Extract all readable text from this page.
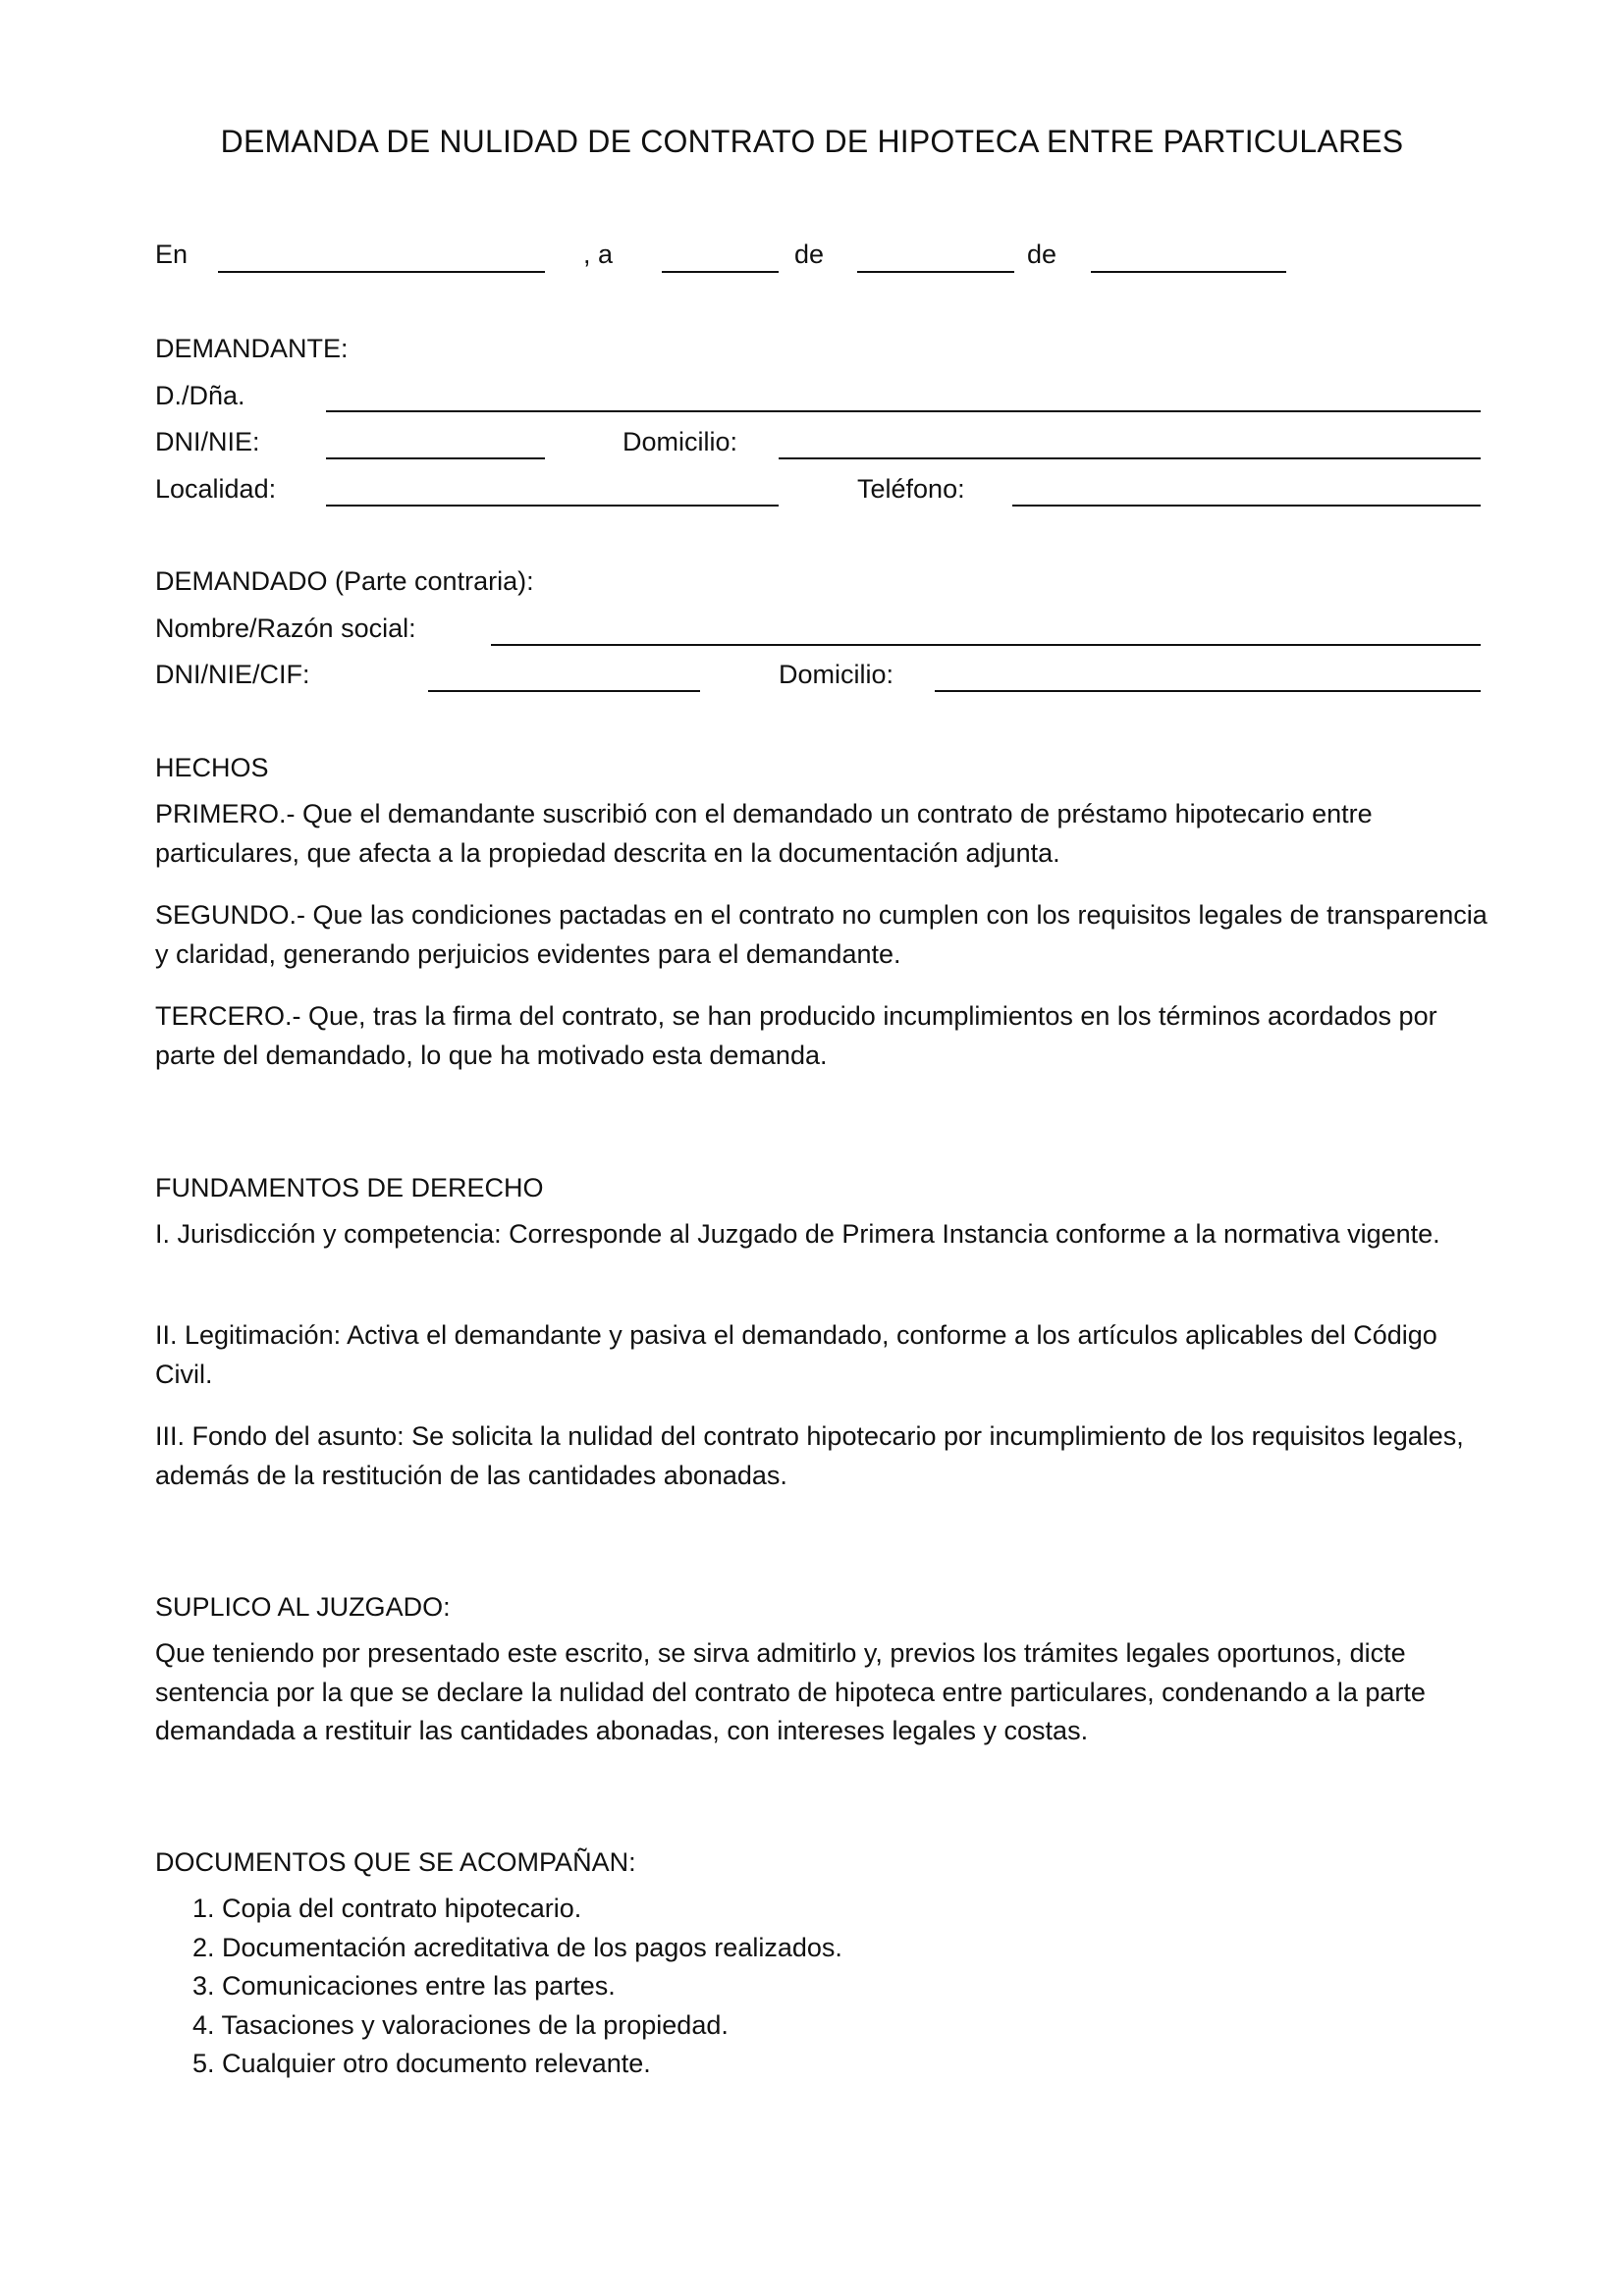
DEMANDA DE NULIDAD DE CONTRATO DE HIPOTECA ENTRE PARTICULARES
En	, a	de	de
DEMANDANTE:
D./Dña.
DNI/NIE:	Domicilio:
Localidad:	Teléfono:
DEMANDADO (Parte contraria):
Nombre/Razón social:
DNI/NIE/CIF:	Domicilio:
HECHOS

PRIMERO.- Que el demandante suscribió con el demandado un contrato de préstamo hipotecario entre particulares, que afecta a la propiedad descrita en la documentación adjunta.

SEGUNDO.- Que las condiciones pactadas en el contrato no cumplen con los requisitos legales de transparencia y claridad, generando perjuicios evidentes para el demandante.

TERCERO.- Que, tras la firma del contrato, se han producido incumplimientos en los términos acordados por parte del demandado, lo que ha motivado esta demanda.

FUNDAMENTOS DE DERECHO

I. Jurisdicción y competencia: Corresponde al Juzgado de Primera Instancia conforme a la normativa vigente.

II. Legitimación: Activa el demandante y pasiva el demandado, conforme a los artículos aplicables del Código Civil.

III. Fondo del asunto: Se solicita la nulidad del contrato hipotecario por incumplimiento de los requisitos legales, además de la restitución de las cantidades abonadas.

SUPLICO AL JUZGADO:

Que teniendo por presentado este escrito, se sirva admitirlo y, previos los trámites legales oportunos, dicte sentencia por la que se declare la nulidad del contrato de hipoteca entre particulares, condenando a la parte demandada a restituir las cantidades abonadas, con intereses legales y costas.

DOCUMENTOS QUE SE ACOMPAÑAN:
1. Copia del contrato hipotecario.
2. Documentación acreditativa de los pagos realizados.
3. Comunicaciones entre las partes.
4. Tasaciones y valoraciones de la propiedad.
5. Cualquier otro documento relevante.
